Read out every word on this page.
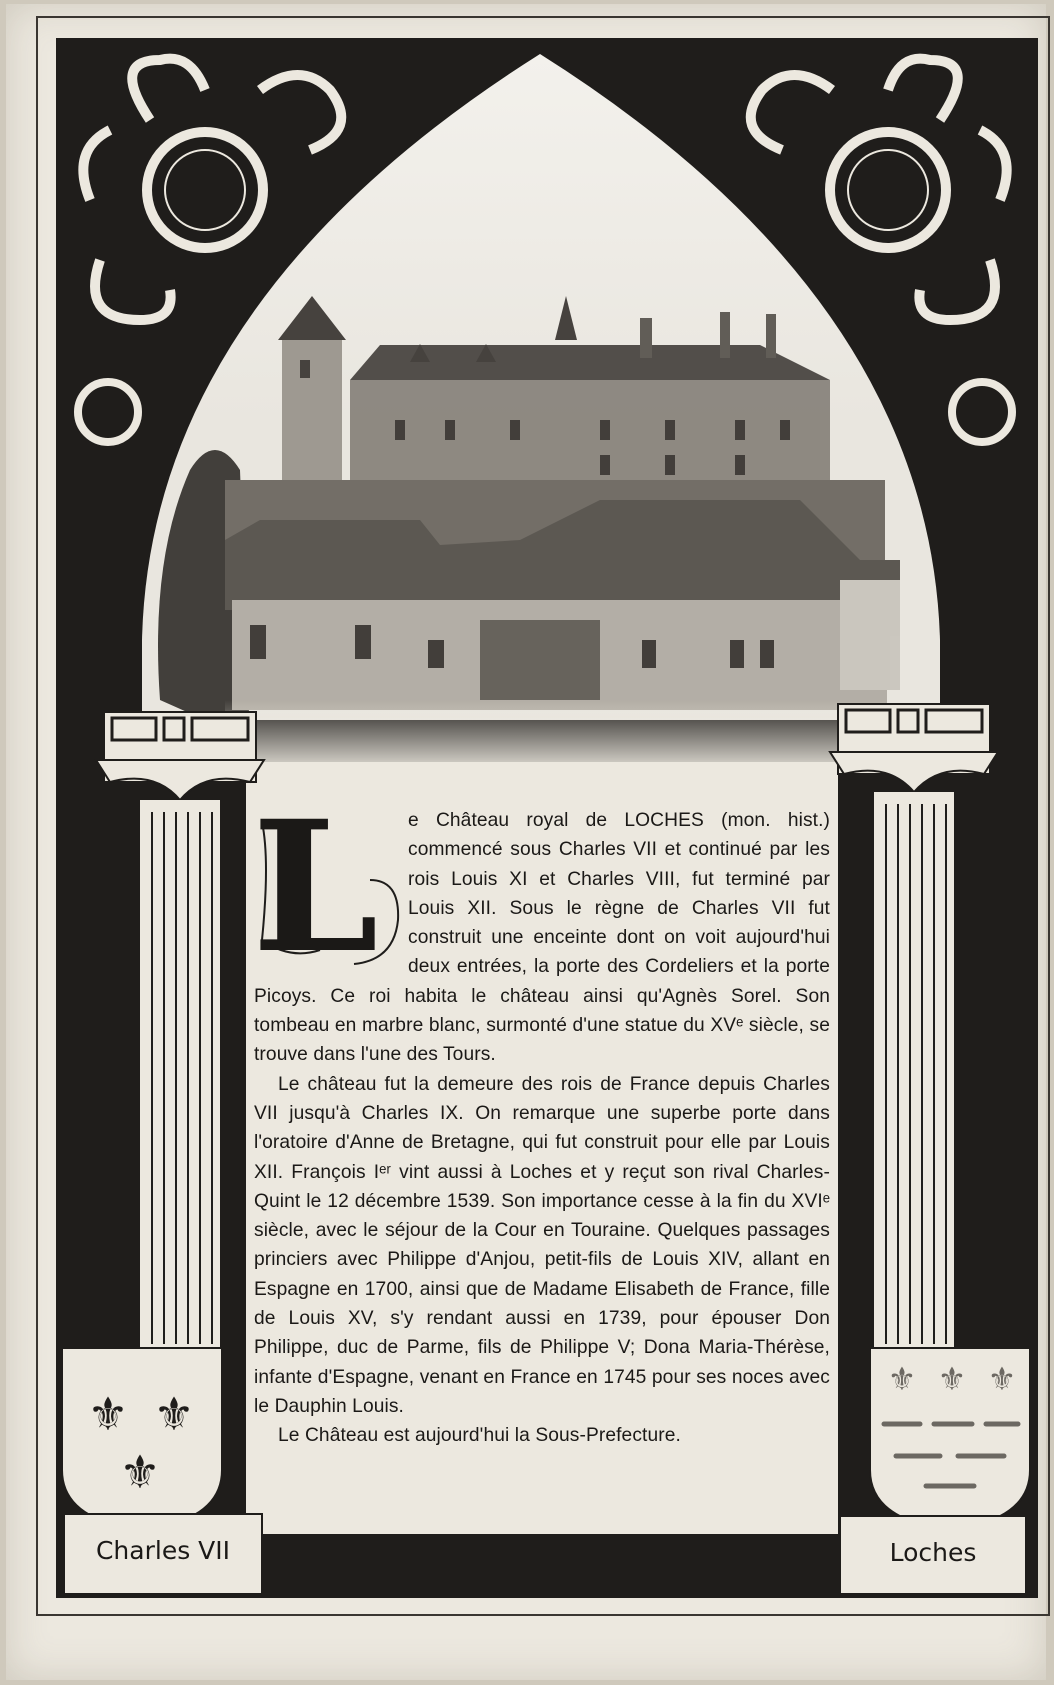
⚜ ⚜
⚜
⚜ ⚜ ⚜

L	e Château royal de LOCHES (mon. hist.) commencé sous Charles VII et continué par les rois Louis XI et Charles VIII, fut terminé par Louis XII. Sous le règne de Charles VII fut construit une enceinte dont on voit aujourd'hui deux entrées, la porte des Cordeliers et la porte Picoys. Ce roi habita le château ainsi qu'Agnès Sorel. Son tombeau en marbre blanc, surmonté d'une statue du XVᵉ siècle, se trouve dans l'une des Tours.

Le château fut la demeure des rois de France depuis Charles VII jusqu'à Charles IX. On remarque une superbe porte dans l'oratoire d'Anne de Bretagne, qui fut construit pour elle par Louis XII. François Iᵉʳ vint aussi à Loches et y reçut son rival Charles-Quint le 12 décembre 1539. Son importance cesse à la fin du XVIᵉ siècle, avec le séjour de la Cour en Touraine. Quelques passages princiers avec Philippe d'Anjou, petit-fils de Louis XIV, allant en Espagne en 1700, ainsi que de Madame Elisabeth de France, fille de Louis XV, s'y rendant aussi en 1739, pour épouser Don Philippe, duc de Parme, fils de Philippe V; Dona Maria-Thérèse, infante d'Espagne, venant en France en 1745 pour ses noces avec le Dauphin Louis.

Le Château est aujourd'hui la Sous-Prefecture.

Charles VII	Loches
